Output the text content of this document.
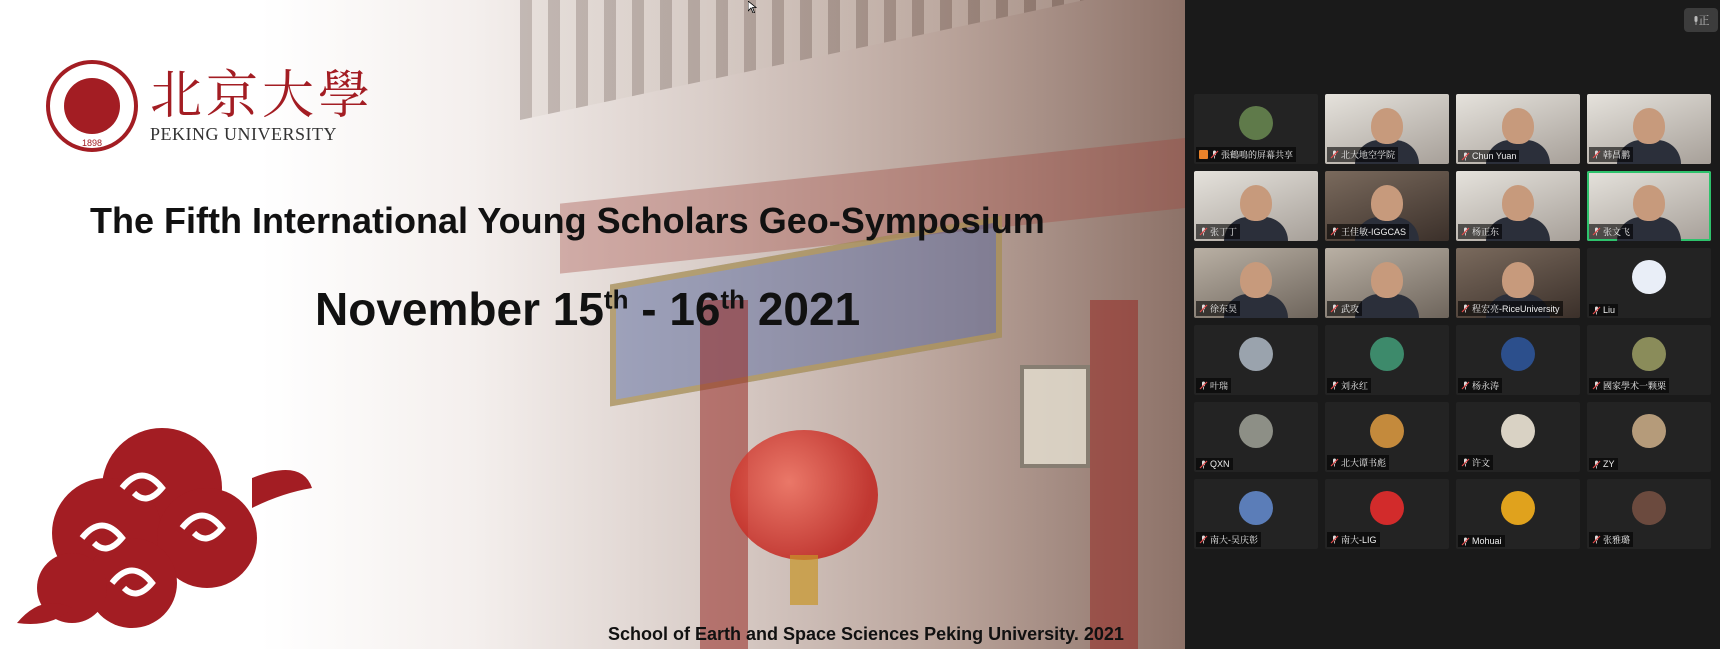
1898
北京大學
PEKING UNIVERSITY
The Fifth International Young Scholars Geo-Symposium
November 15th - 16th 2021
School of Earth and Space Sciences Peking University. 2021
正
張鶴鳴的屏幕共享	北大地空学院	Chun Yuan	韩昌鹏
张丁丁	王佳敏-IGGCAS	杨正东	张文飞
徐东昊	武攻	程宏亮-RiceUniversity	Liu
叶瑞	刘永红	杨永涛	國家學术一颗栗
QXN	北大谭书彪	许文	ZY
南大-吴庆彰	南大-LIG	Mohuai	张雅璐
